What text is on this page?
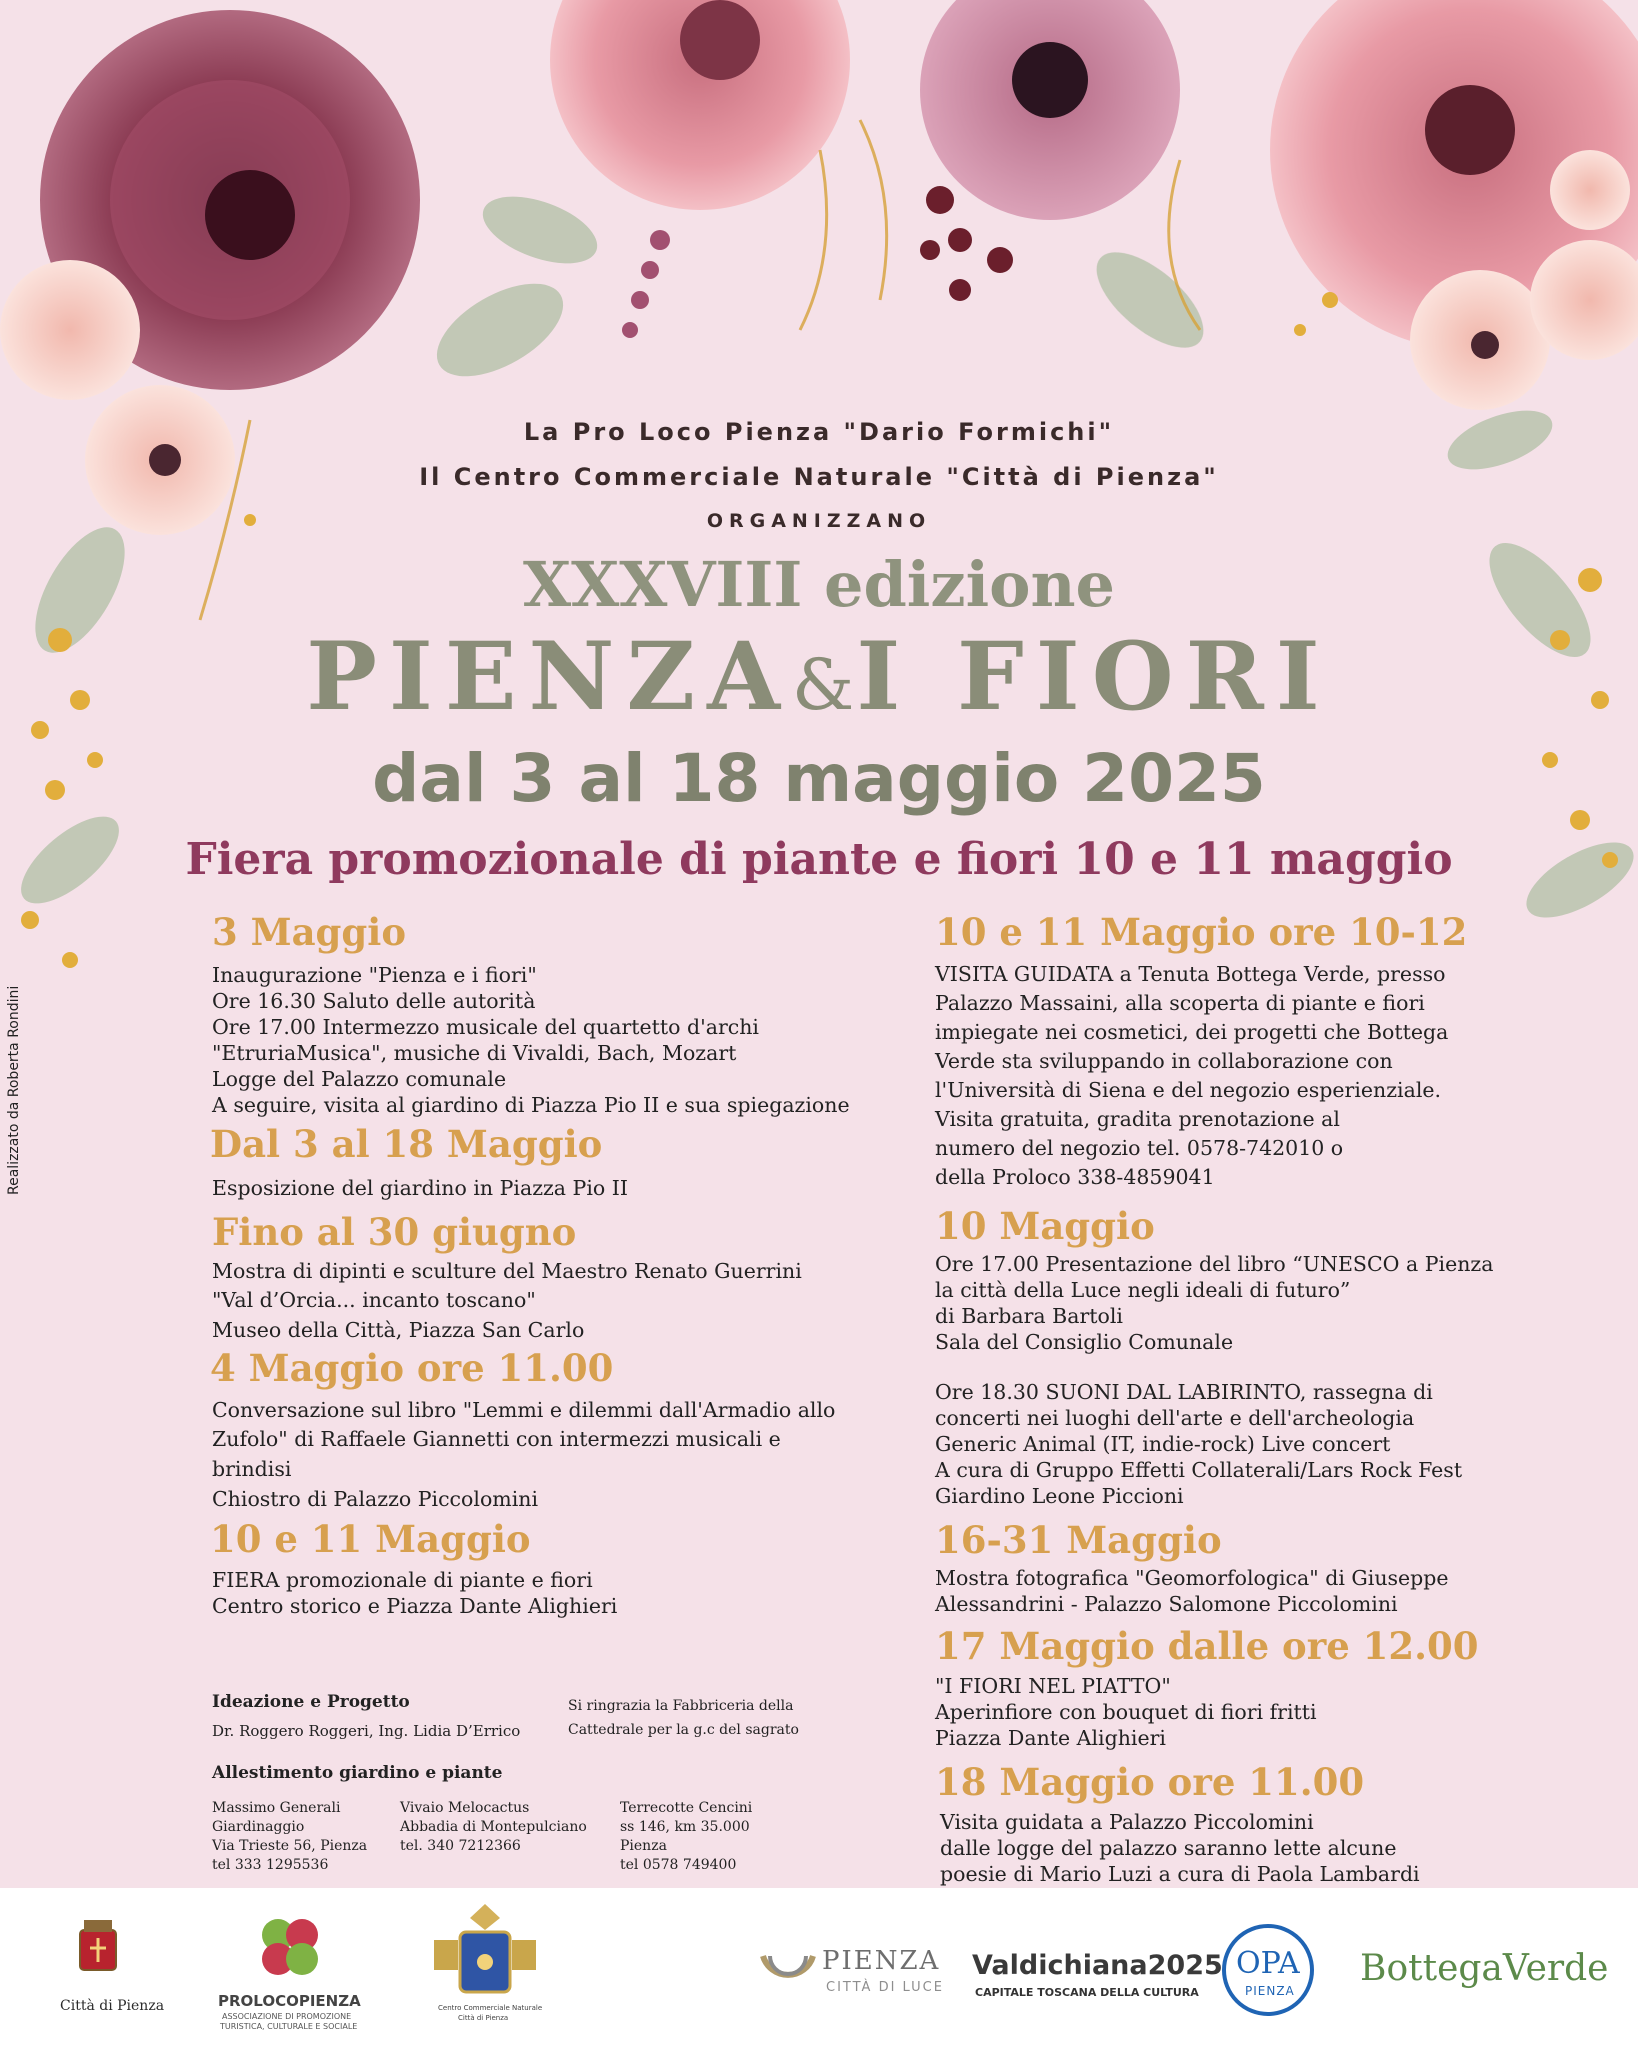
Realizzato da Roberta Rondini
La Pro Loco Pienza "Dario Formichi"
Il Centro Commerciale Naturale "Città di Pienza"
ORGANIZZANO
XXXVIII edizione
PIENZA&I FIORI
dal 3 al 18 maggio 2025
Fiera promozionale di piante e fiori 10 e 11 maggio
3 Maggio
Inaugurazione "Pienza e i fiori"
Ore 16.30 Saluto delle autorità
Ore 17.00 Intermezzo musicale del quartetto d'archi
"EtruriaMusica", musiche di Vivaldi, Bach, Mozart
Logge del Palazzo comunale
A seguire, visita al giardino di Piazza Pio II e sua spiegazione
Dal 3 al 18 Maggio
Esposizione del giardino in Piazza Pio II
Fino al 30 giugno
Mostra di dipinti e sculture del Maestro Renato Guerrini
"Val d’Orcia... incanto toscano"
Museo della Città, Piazza San Carlo
4 Maggio ore 11.00
Conversazione sul libro "Lemmi e dilemmi dall'Armadio allo
Zufolo" di Raffaele Giannetti con intermezzi musicali e
brindisi
Chiostro di Palazzo Piccolomini
10 e 11 Maggio
FIERA promozionale di piante e fiori
Centro storico e Piazza Dante Alighieri
Ideazione e Progetto
Dr. Roggero Roggeri, Ing. Lidia D’Errico
Si ringrazia la Fabbriceria della
Cattedrale per la g.c del sagrato
Allestimento giardino e piante
Massimo Generali
Giardinaggio
Via Trieste 56, Pienza
tel 333 1295536
Vivaio Melocactus
Abbadia di Montepulciano
tel. 340 7212366
Terrecotte Cencini
ss 146, km 35.000
Pienza
tel 0578 749400
10 e 11 Maggio ore 10-12
VISITA GUIDATA a Tenuta Bottega Verde, presso
Palazzo Massaini, alla scoperta di piante e fiori
impiegate nei cosmetici, dei progetti che Bottega
Verde sta sviluppando in collaborazione con
l'Università di Siena e del negozio esperienziale.
Visita gratuita, gradita prenotazione al
numero del negozio tel. 0578-742010 o
della Proloco 338-4859041
10 Maggio
Ore 17.00 Presentazione del libro “UNESCO a Pienza
la città della Luce negli ideali di futuro”
di Barbara Bartoli
Sala del Consiglio Comunale
Ore 18.30 SUONI DAL LABIRINTO, rassegna di
concerti nei luoghi dell'arte e dell'archeologia
Generic Animal (IT, indie-rock) Live concert
A cura di Gruppo Effetti Collaterali/Lars Rock Fest
Giardino Leone Piccioni
16-31 Maggio
Mostra fotografica "Geomorfologica" di Giuseppe
Alessandrini - Palazzo Salomone Piccolomini
17 Maggio dalle ore 12.00
"I FIORI NEL PIATTO"
Aperinfiore con bouquet di fiori fritti
Piazza Dante Alighieri
18 Maggio ore 11.00
Visita guidata a Palazzo Piccolomini
dalle logge del palazzo saranno lette alcune
poesie di Mario Luzi a cura di Paola Lambardi
Città di Pienza	PROLOCOPIENZA
ASSOCIAZIONE DI PROMOZIONE
TURISTICA, CULTURALE E SOCIALE
Centro Commerciale Naturale
Città di Pienza
PIENZA
CITTÀ DI LUCE
Valdichiana2025
CAPITALE TOSCANA DELLA CULTURA
OPA
PIENZA
BottegaVerde
